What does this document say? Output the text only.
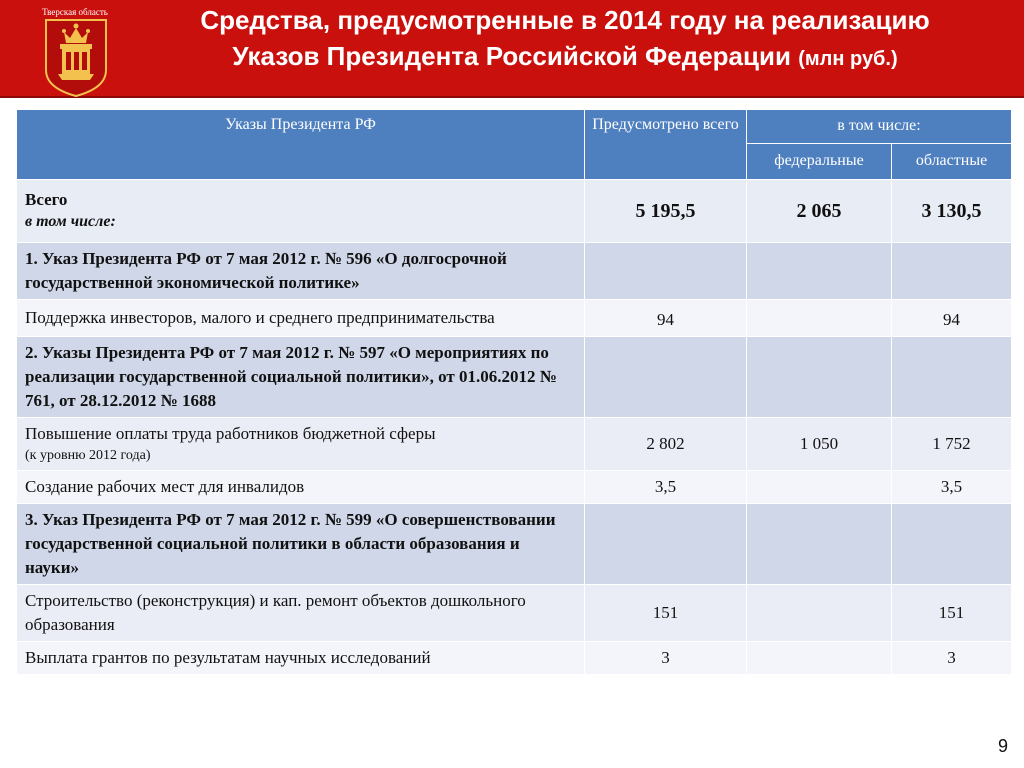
Тверская область	Средства, предусмотренные в 2014 году на реализацию
Указов Президента Российской Федерации (млн руб.)
Указы Президента РФ	Предусмотрено всего	в том числе:	
		федеральные	областные

Всего
в том числе:	5 195,5	2 065	3 130,5
1. Указ Президента РФ от 7 мая 2012 г. № 596 «О долгосрочной государственной экономической политике»			
Поддержка инвесторов, малого и среднего предпринимательства	94		94
2. Указы Президента РФ от 7 мая 2012 г. № 597 «О мероприятиях по реализации государственной социальной политики», от 01.06.2012 № 761, от 28.12.2012 № 1688			
Повышение оплаты труда работников бюджетной сферы
(к уровню 2012 года)	2 802	1 050	1 752
Создание рабочих мест для инвалидов	3,5		3,5
3. Указ Президента РФ от 7 мая 2012 г. № 599 «О совершенствовании государственной социальной политики в области образования и науки»			
Строительство (реконструкция) и кап. ремонт объектов дошкольного образования	151		151
Выплата грантов по результатам научных исследований	3		3
9
